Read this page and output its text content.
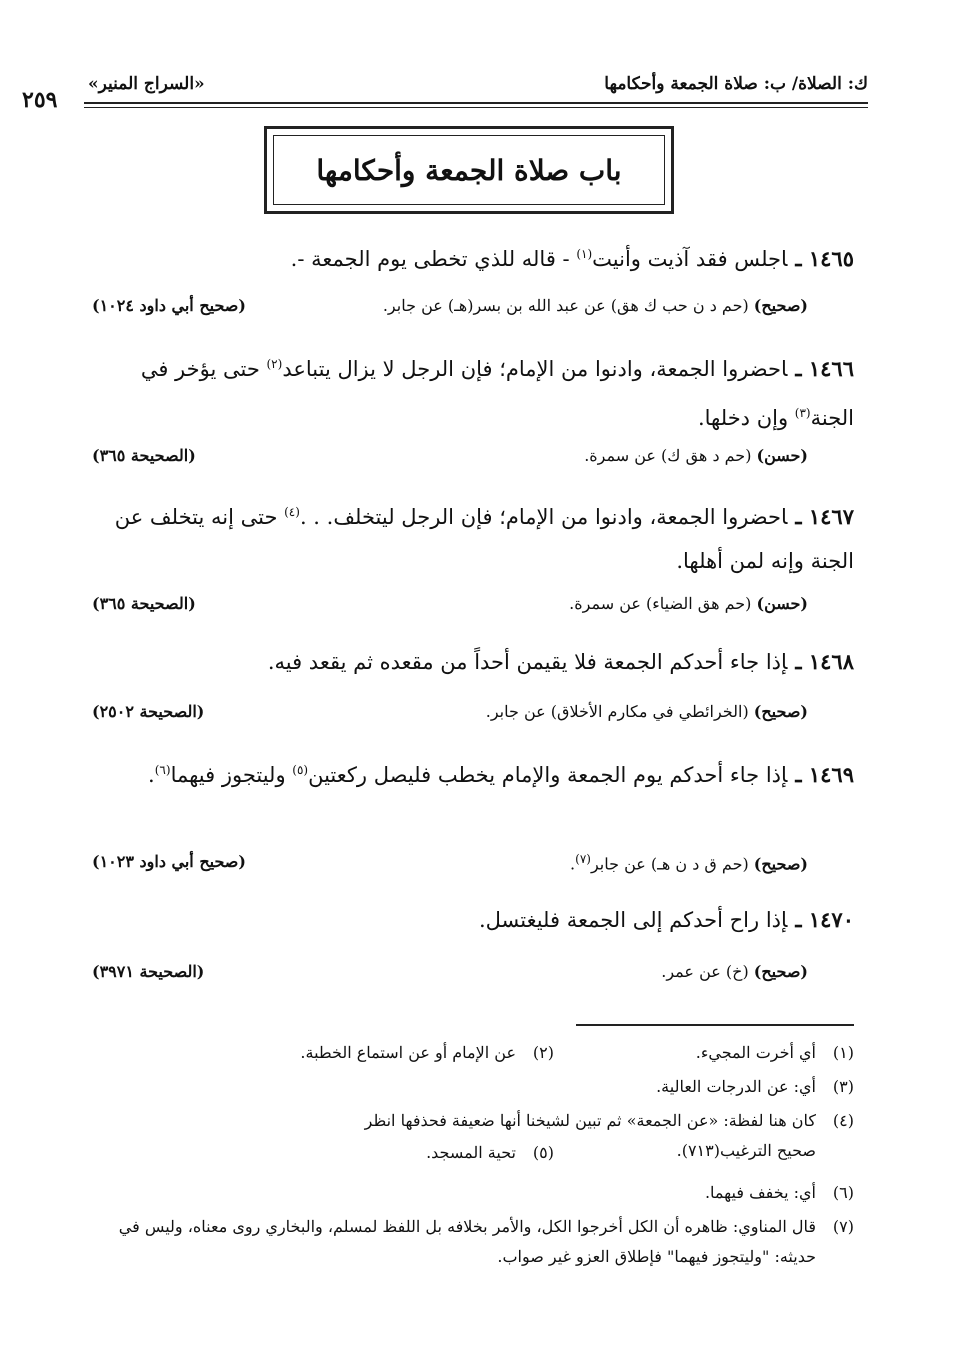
ك: الصلاة/ ب: صلاة الجمعة وأحكامها
«السراج المنير»
٢٥٩
باب صلاة الجمعة وأحكامها
١٤٦٥ ـاجلس فقد آذيت وأنيت$^{(١)}$ - قاله للذي تخطى يوم الجمعة -.
(صحيح) (حم د ن حب ك هق) عن عبد الله بن بسر(هـ) عن جابر.
(صحيح أبي داود ١٠٢٤)
١٤٦٦ ـاحضروا الجمعة، وادنوا من الإمام؛ فإن الرجل لا يزال يتباعد$^{(٢)}$ حتى يؤخر في الجنة$^{(٣)}$ وإن دخلها.
(حسن) (حم د هق ك) عن سمرة.
(الصحيحة ٣٦٥)
١٤٦٧ ـاحضروا الجمعة، وادنوا من الإمام؛ فإن الرجل ليتخلف. . .$^{(٤)}$ حتى إنه يتخلف عن الجنة وإنه لمن أهلها.
(حسن) (حم هق الضياء) عن سمرة.
(الصحيحة ٣٦٥)
١٤٦٨ ـإذا جاء أحدكم الجمعة فلا يقيمن أحداً من مقعده ثم يقعد فيه.
(صحيح) (الخرائطي في مكارم الأخلاق) عن جابر.
(الصحيحة ٢٥٠٢)
١٤٦٩ ـإذا جاء أحدكم يوم الجمعة والإمام يخطب فليصل ركعتين$^{(٥)}$ وليتجوز فيهما$^{(٦)}$.
(صحيح) (حم ق د ن هـ) عن جابر$^{(٧)}$.
(صحيح أبي داود ١٠٢٣)
١٤٧٠ ـإذا راح أحدكم إلى الجمعة فليغتسل.
(صحيح) (خ) عن عمر.
(الصحيحة ٣٩٧١)
(١)أي أخرت المجيء.
(٢)عن الإمام أو عن استماع الخطبة.
(٣)أي: عن الدرجات العالية.
(٤)
كان هنا لفظة: «عن الجمعة» ثم تبين لشيخنا أنها ضعيفة فحذفها انظر صحيح الترغيب(٧١٣).
(٥)تحية المسجد.
(٦)أي: يخفف فيهما.
(٧)
قال المناوي: ظاهره أن الكل أخرجوا الكل، والأمر بخلافه بل اللفظ لمسلم، والبخاري روى معناه، وليس في حديثه: "وليتجوز فيهما" فإطلاق العزو غير صواب.
